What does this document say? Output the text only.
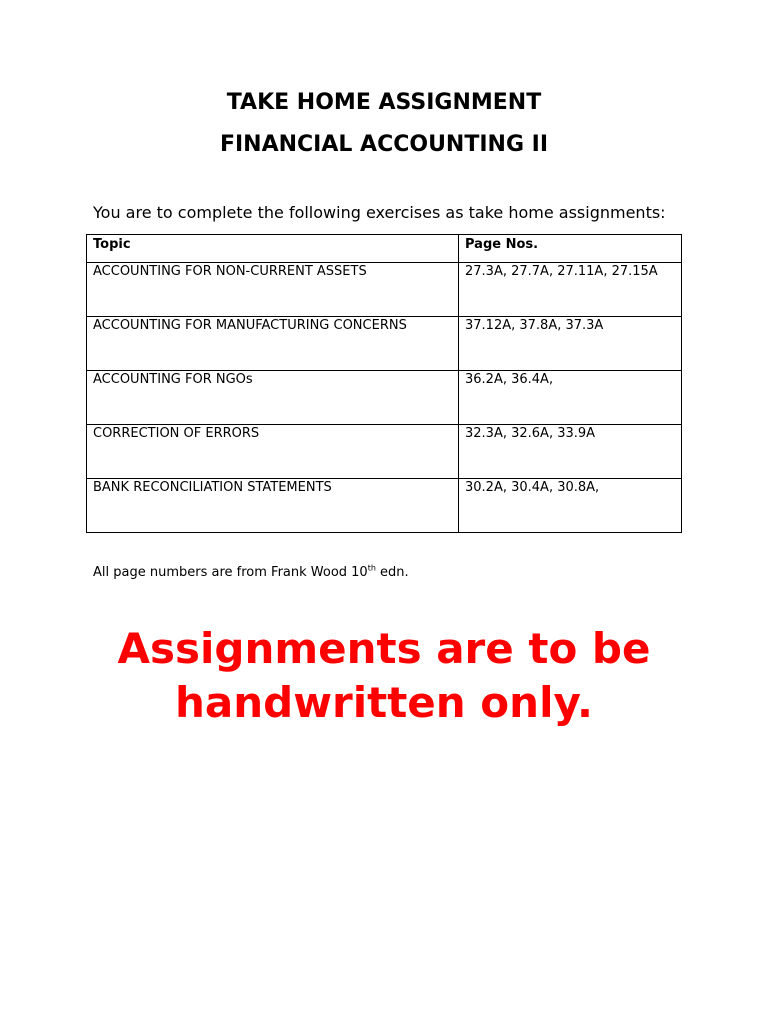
TAKE HOME ASSIGNMENT
FINANCIAL ACCOUNTING II
You are to complete the following exercises as take home assignments:
Topic	Page Nos.
ACCOUNTING FOR NON-CURRENT ASSETS	27.3A, 27.7A, 27.11A, 27.15A
ACCOUNTING FOR MANUFACTURING CONCERNS	37.12A, 37.8A, 37.3A
ACCOUNTING FOR NGOs	36.2A, 36.4A,
CORRECTION OF ERRORS	32.3A, 32.6A, 33.9A
BANK RECONCILIATION STATEMENTS	30.2A, 30.4A, 30.8A,
All page numbers are from Frank Wood 10th edn.
Assignments are to be
handwritten only.
